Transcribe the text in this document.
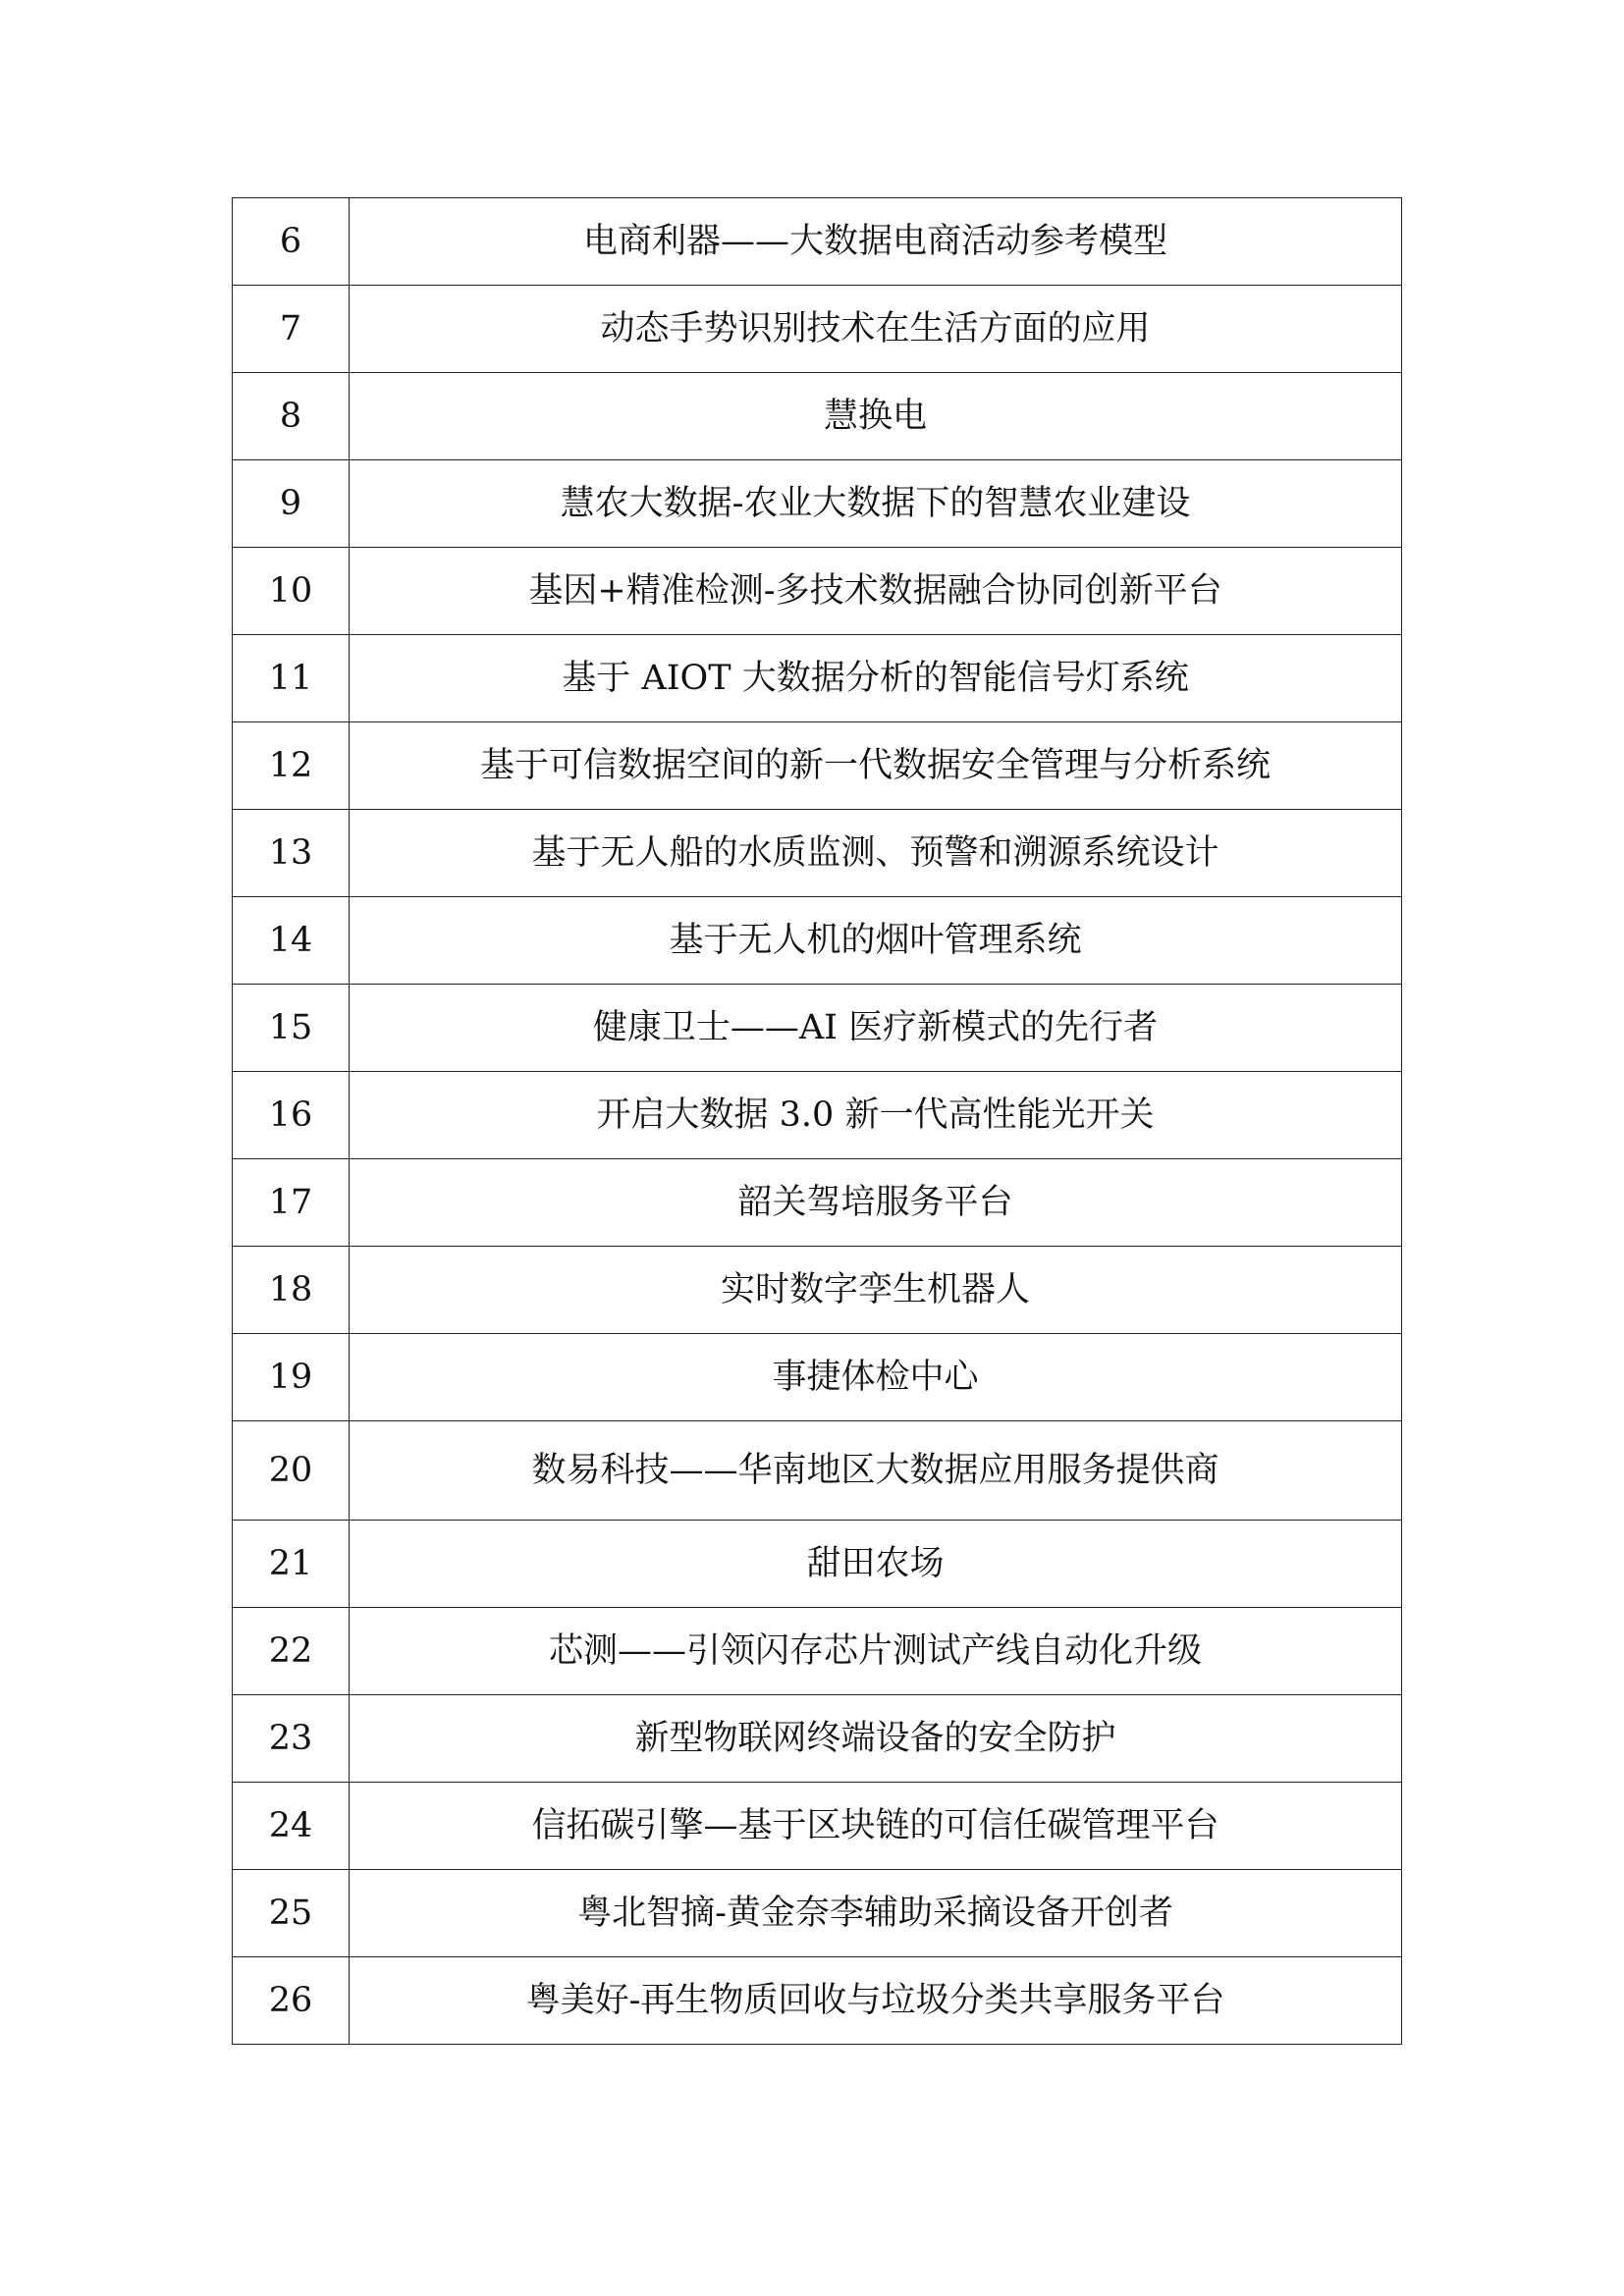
6	电商利器——大数据电商活动参考模型
7	动态手势识别技术在生活方面的应用
8	慧换电
9	慧农大数据-农业大数据下的智慧农业建设
10	基因+精准检测-多技术数据融合协同创新平台
11	基于 AIOT 大数据分析的智能信号灯系统
12	基于可信数据空间的新一代数据安全管理与分析系统
13	基于无人船的水质监测、预警和溯源系统设计
14	基于无人机的烟叶管理系统
15	健康卫士——AI 医疗新模式的先行者
16	开启大数据 3.0 新一代高性能光开关
17	韶关驾培服务平台
18	实时数字孪生机器人
19	事捷体检中心
20	数易科技——华南地区大数据应用服务提供商
21	甜田农场
22	芯测——引领闪存芯片测试产线自动化升级
23	新型物联网终端设备的安全防护
24	信拓碳引擎—基于区块链的可信任碳管理平台
25	粤北智摘-黄金奈李辅助采摘设备开创者
26	粤美好-再生物质回收与垃圾分类共享服务平台
